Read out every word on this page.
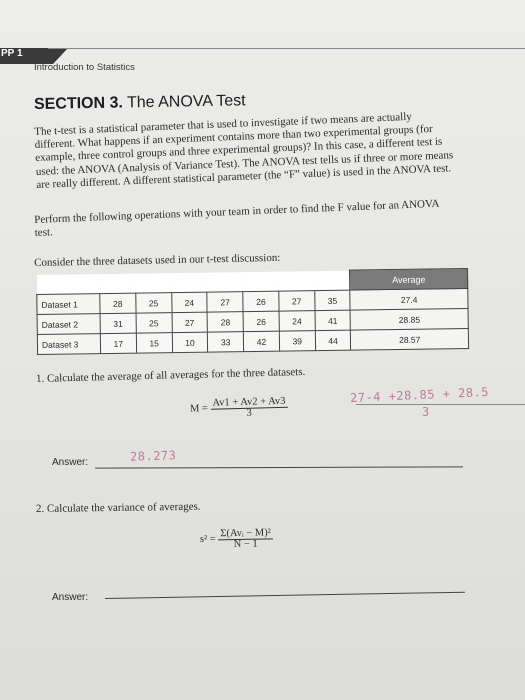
PP 1
Introduction to Statistics
SECTION 3. The ANOVA Test
The t-test is a statistical parameter that is used to investigate if two means are actually different. What happens if an experiment contains more than two experimental groups (for example, three control groups and three experimental groups)? In this case, a different test is used: the ANOVA (Analysis of Variance Test). The ANOVA test tells us if three or more means are really different. A different statistical parameter (the “F” value) is used in the ANOVA test.
Perform the following operations with your team in order to find the F value for an ANOVA test.
Consider the three datasets used in our t-test discussion:
								Average
Dataset 1	28	25	24	27	26	27	35	27.4
Dataset 2	31	25	27	28	26	24	41	28.85
Dataset 3	17	15	10	33	42	39	44	28.57
1. Calculate the average of all averages for the three datasets.
$M = \frac{Av1 + Av2 + Av3}{3}$
27-4 +28.85 + 28.5
3
Answer:	28.273
2. Calculate the variance of averages.
$s^2 = \frac{\text{Σ(Avᵢ − M)²}}{N - 1}$
Answer:
